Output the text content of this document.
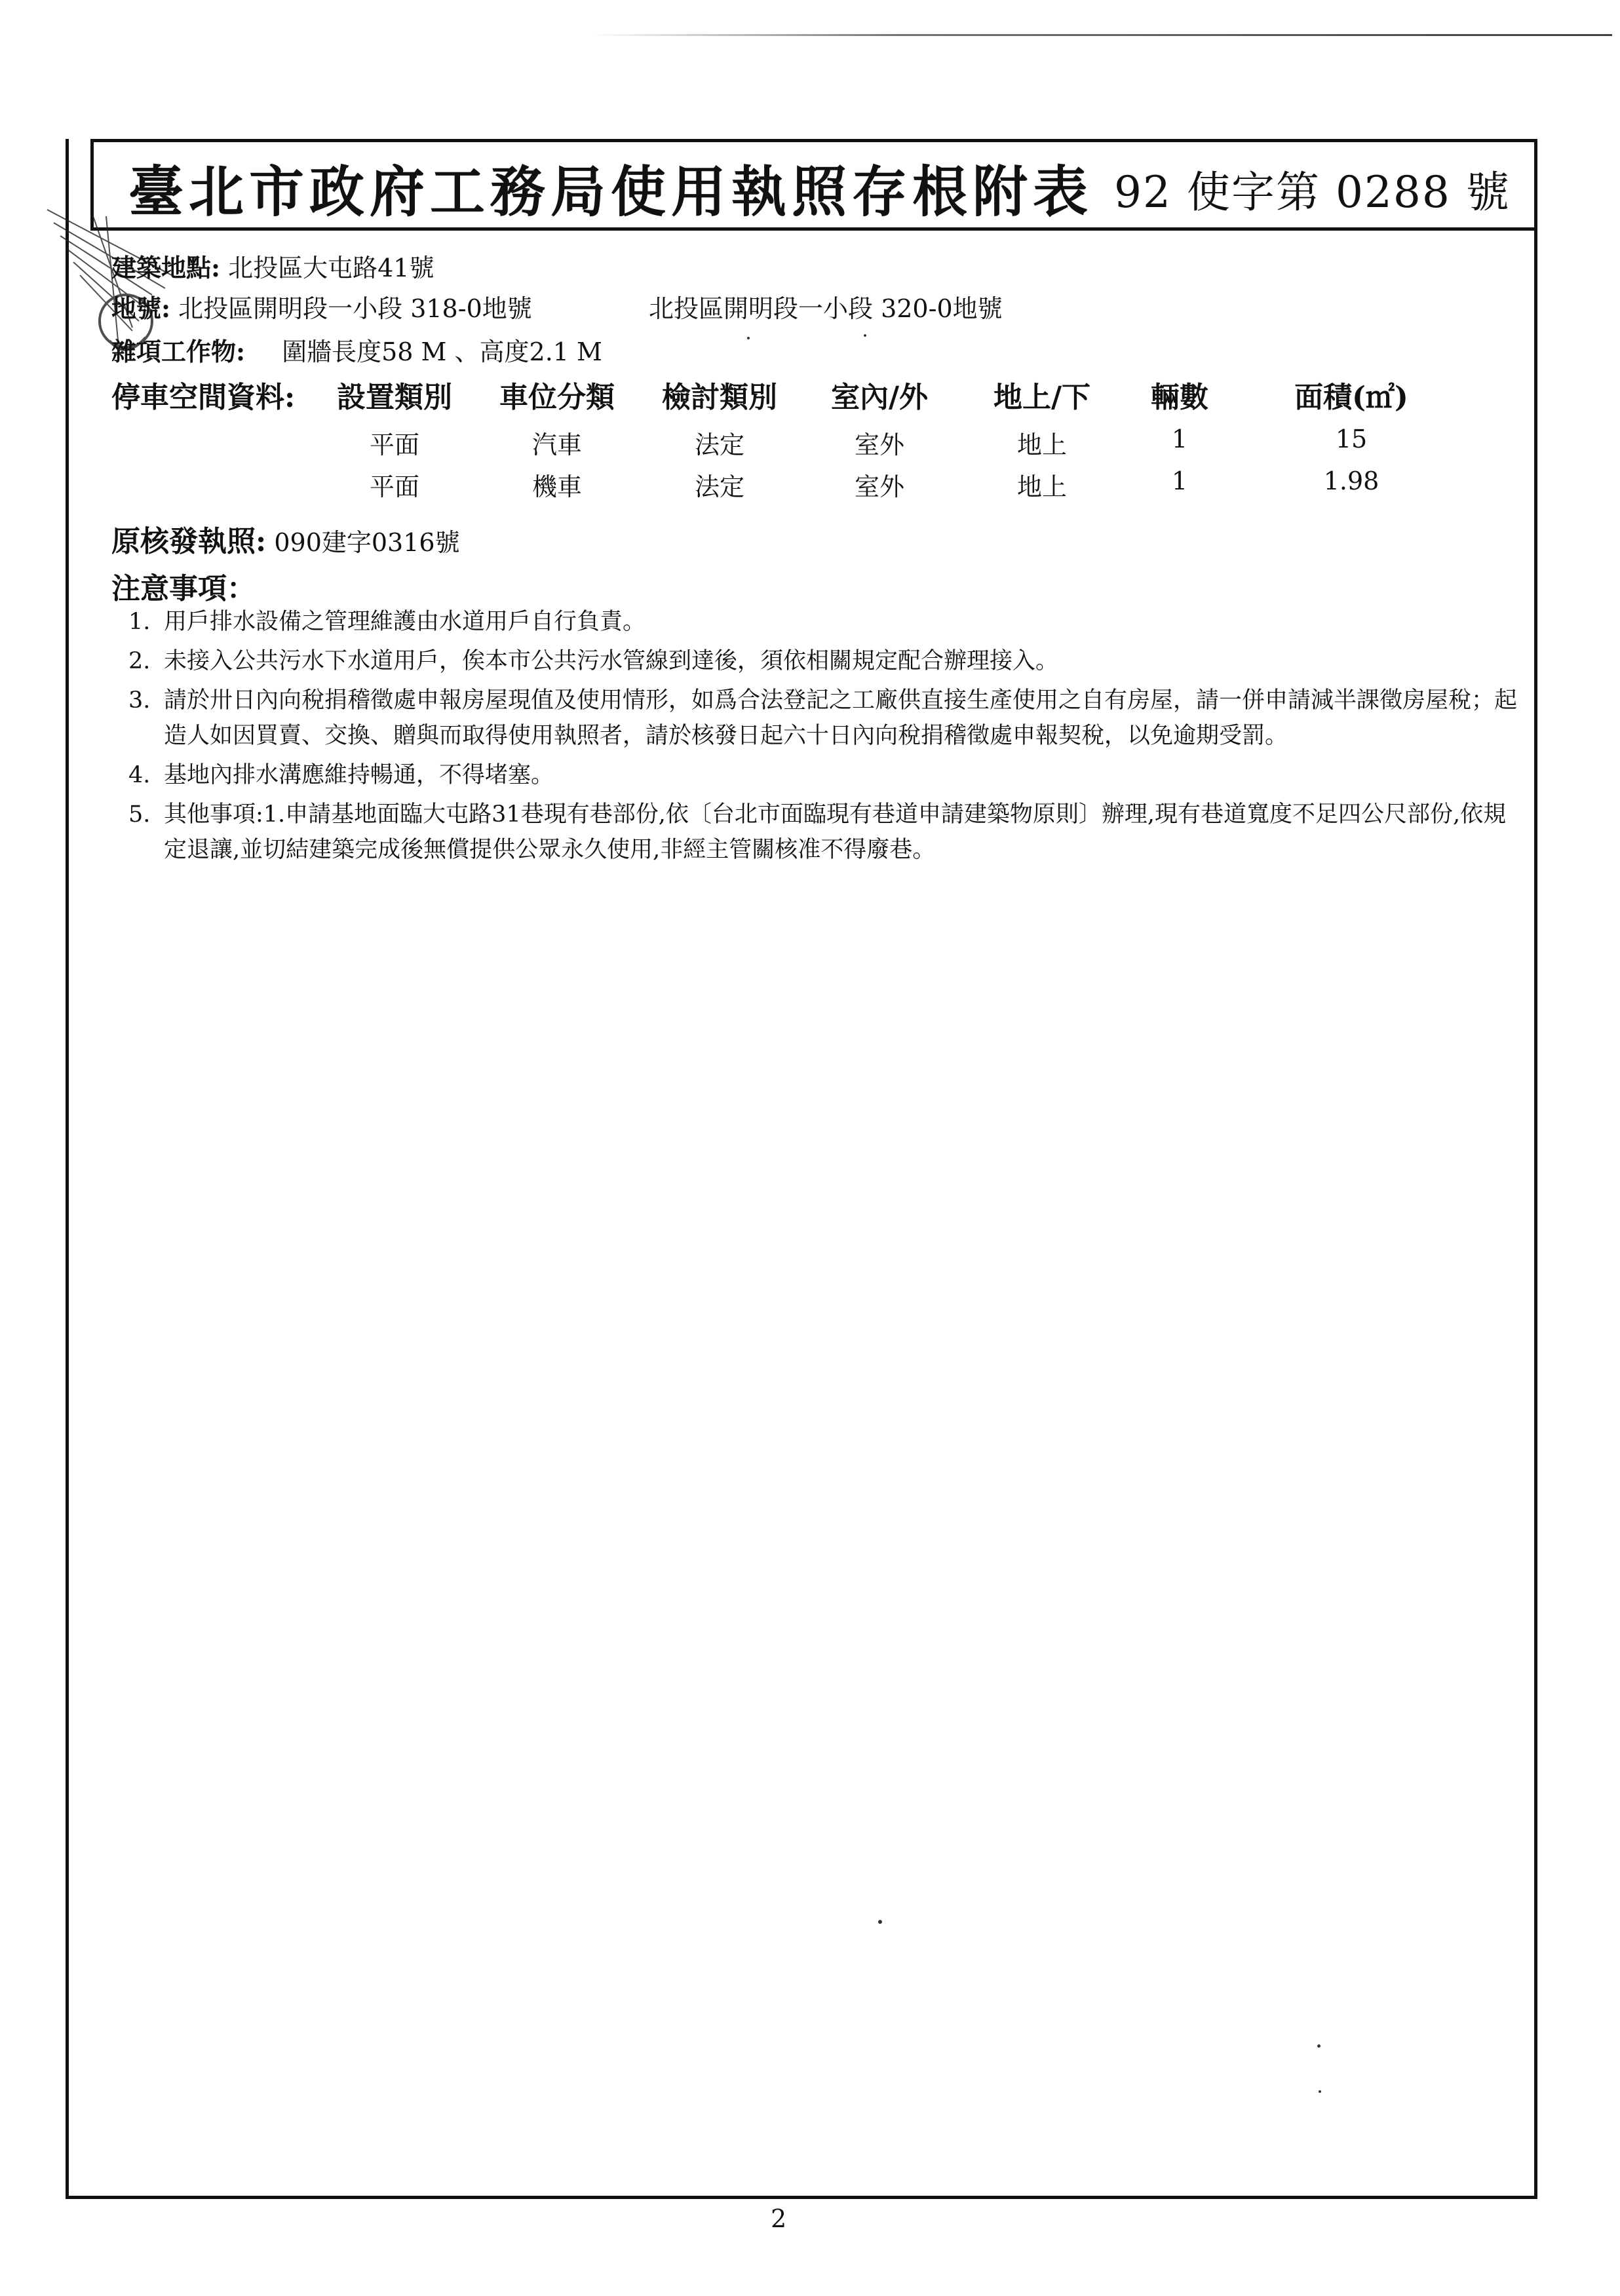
臺北市政府工務局使用執照存根附表 92 使字第 0288 號
建築地點: 北投區大屯路41號
地號: 北投區開明段一小段 318-0地號	北投區開明段一小段 320-0地號
雜項工作物: 圍牆長度58 M 、高度2.1 M
停車空間資料: 設置類別 車位分類 檢討類別 室內/外 地上/下 輛數	面積(㎡)
平面	汽車	法定	室外	地上	1	15
平面	機車	法定	室外	地上	1	1.98
原核發執照: 090建字0316號
注意事項：
1. 用戶排水設備之管理維護由水道用戶自行負責。
2. 未接入公共污水下水道用戶，俟本市公共污水管線到達後，須依相關規定配合辦理接入。
3. 請於卅日內向稅捐稽徵處申報房屋現值及使用情形，如爲合法登記之工廠供直接生產使用之自有房屋，請一併申請減半課徵房屋稅；起造人如因買賣、交換、贈與而取得使用執照者，請於核發日起六十日內向稅捐稽徵處申報契稅，以免逾期受罰。
4. 基地內排水溝應維持暢通，不得堵塞。
5. 其他事項:1.申請基地面臨大屯路31巷現有巷部份,依〔台北市面臨現有巷道申請建築物原則〕辦理,現有巷道寬度不足四公尺部份,依規定退讓,並切結建築完成後無償提供公眾永久使用,非經主管關核准不得廢巷。
2
